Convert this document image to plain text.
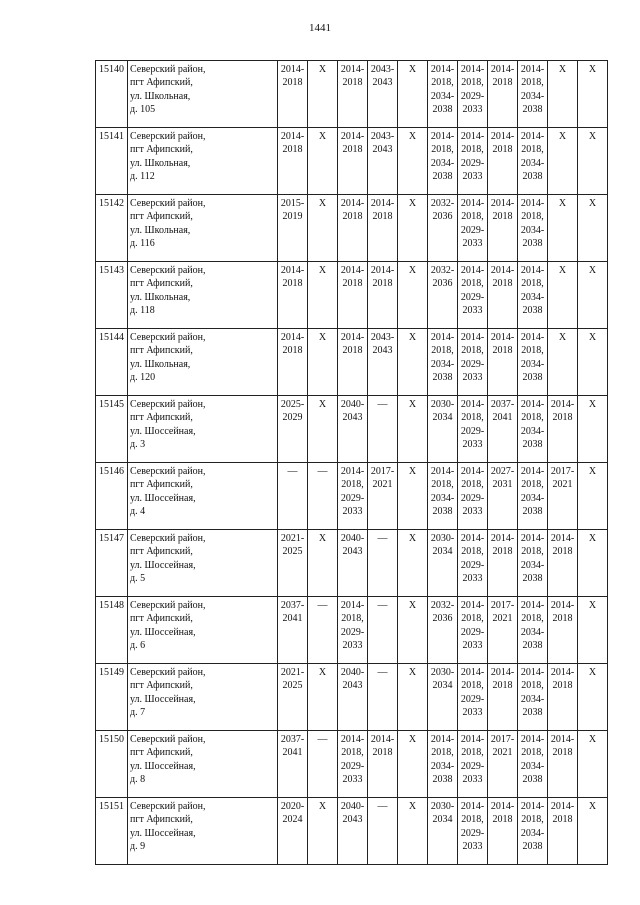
1441
15140	Северский район,
пгт Афипский,
ул. Школьная,
д. 105	2014-
2018	X	2014-
2018	2043-
2043	X	2014-
2018,
2034-
2038	2014-
2018,
2029-
2033	2014-
2018	2014-
2018,
2034-
2038	X	X
15141	Северский район,
пгт Афипский,
ул. Школьная,
д. 112	2014-
2018	X	2014-
2018	2043-
2043	X	2014-
2018,
2034-
2038	2014-
2018,
2029-
2033	2014-
2018	2014-
2018,
2034-
2038	X	X
15142	Северский район,
пгт Афипский,
ул. Школьная,
д. 116	2015-
2019	X	2014-
2018	2014-
2018	X	2032-
2036	2014-
2018,
2029-
2033	2014-
2018	2014-
2018,
2034-
2038	X	X
15143	Северский район,
пгт Афипский,
ул. Школьная,
д. 118	2014-
2018	X	2014-
2018	2014-
2018	X	2032-
2036	2014-
2018,
2029-
2033	2014-
2018	2014-
2018,
2034-
2038	X	X
15144	Северский район,
пгт Афипский,
ул. Школьная,
д. 120	2014-
2018	X	2014-
2018	2043-
2043	X	2014-
2018,
2034-
2038	2014-
2018,
2029-
2033	2014-
2018	2014-
2018,
2034-
2038	X	X
15145	Северский район,
пгт Афипский,
ул. Шоссейная,
д. 3	2025-
2029	X	2040-
2043	—	X	2030-
2034	2014-
2018,
2029-
2033	2037-
2041	2014-
2018,
2034-
2038	2014-
2018	X
15146	Северский район,
пгт Афипский,
ул. Шоссейная,
д. 4	—	—	2014-
2018,
2029-
2033	2017-
2021	X	2014-
2018,
2034-
2038	2014-
2018,
2029-
2033	2027-
2031	2014-
2018,
2034-
2038	2017-
2021	X
15147	Северский район,
пгт Афипский,
ул. Шоссейная,
д. 5	2021-
2025	X	2040-
2043	—	X	2030-
2034	2014-
2018,
2029-
2033	2014-
2018	2014-
2018,
2034-
2038	2014-
2018	X
15148	Северский район,
пгт Афипский,
ул. Шоссейная,
д. 6	2037-
2041	—	2014-
2018,
2029-
2033	—	X	2032-
2036	2014-
2018,
2029-
2033	2017-
2021	2014-
2018,
2034-
2038	2014-
2018	X
15149	Северский район,
пгт Афипский,
ул. Шоссейная,
д. 7	2021-
2025	X	2040-
2043	—	X	2030-
2034	2014-
2018,
2029-
2033	2014-
2018	2014-
2018,
2034-
2038	2014-
2018	X
15150	Северский район,
пгт Афипский,
ул. Шоссейная,
д. 8	2037-
2041	—	2014-
2018,
2029-
2033	2014-
2018	X	2014-
2018,
2034-
2038	2014-
2018,
2029-
2033	2017-
2021	2014-
2018,
2034-
2038	2014-
2018	X
15151	Северский район,
пгт Афипский,
ул. Шоссейная,
д. 9	2020-
2024	X	2040-
2043	—	X	2030-
2034	2014-
2018,
2029-
2033	2014-
2018	2014-
2018,
2034-
2038	2014-
2018	X
